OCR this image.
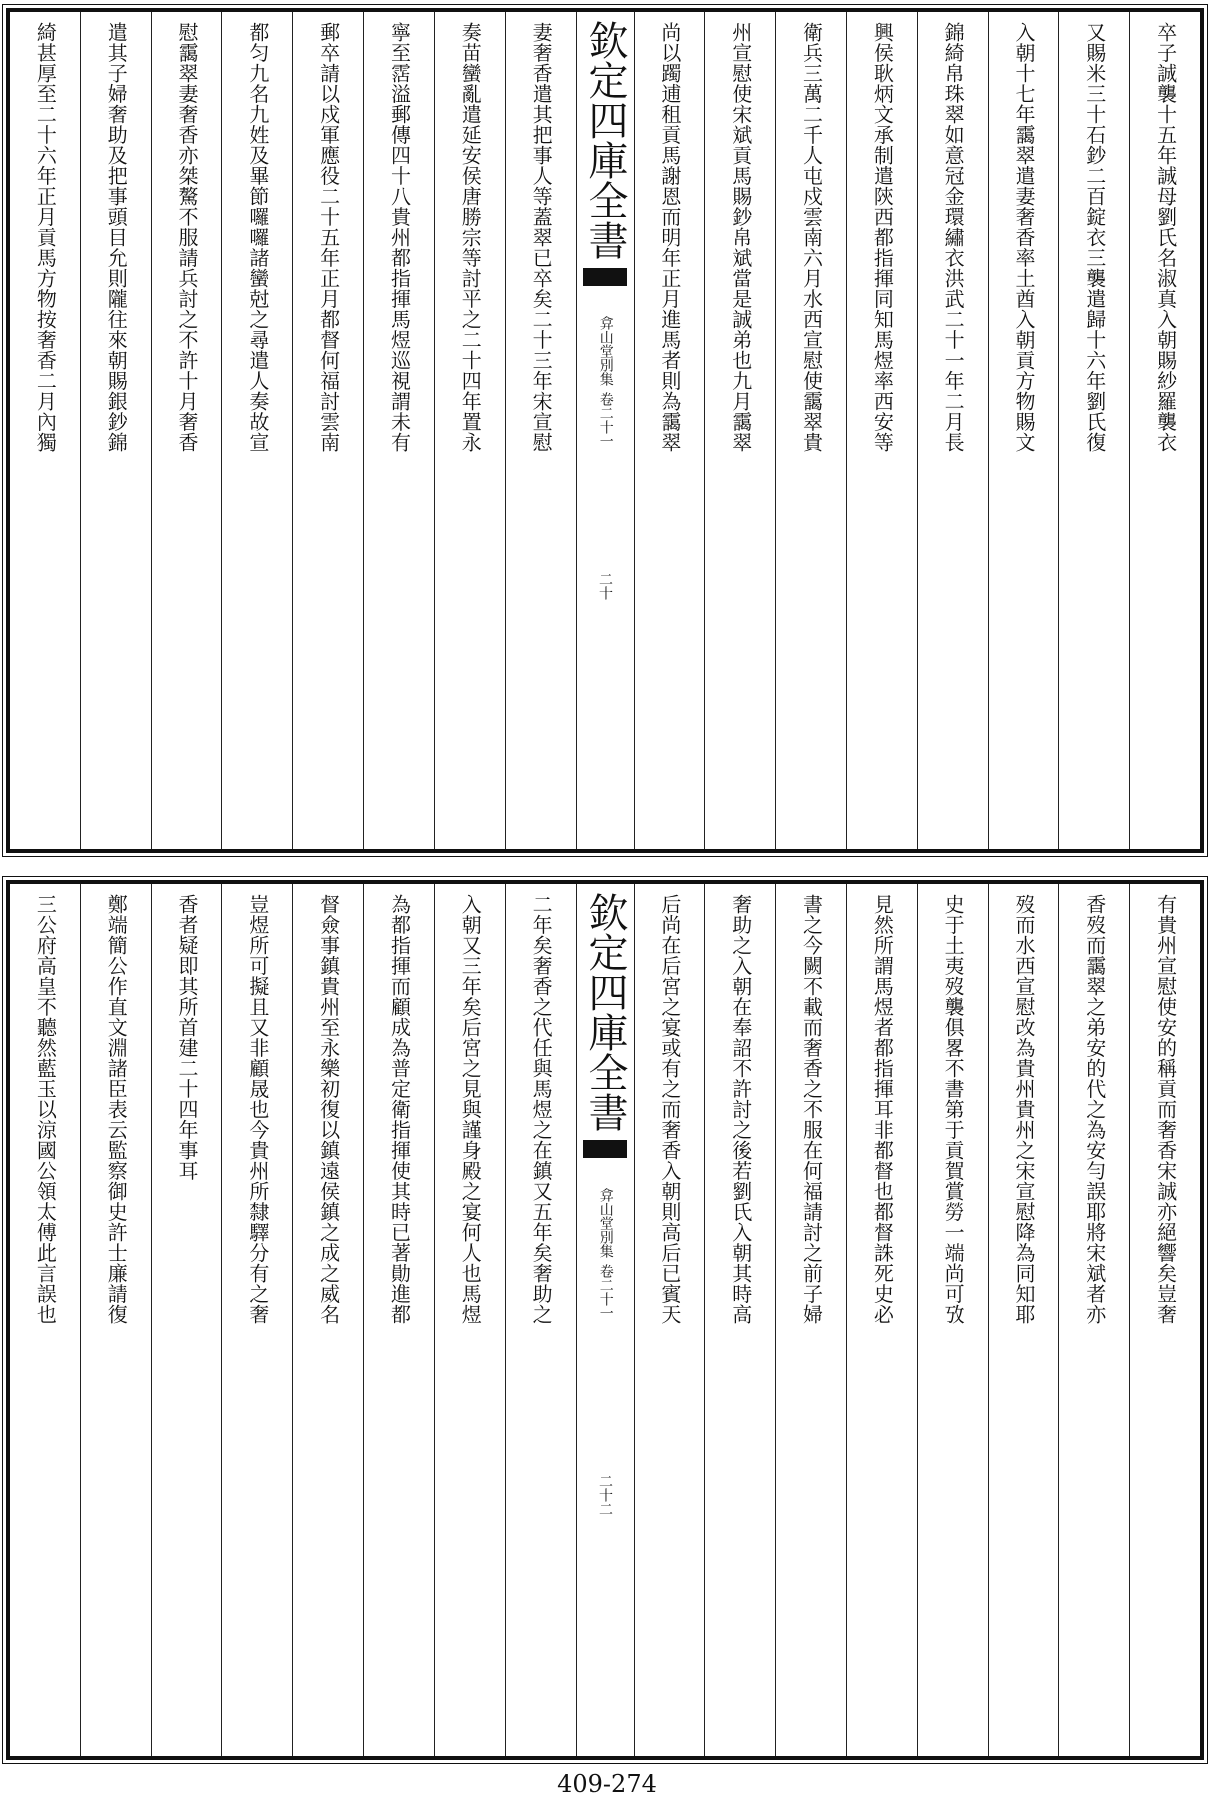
卒子誠襲十五年誠母劉氏名淑真入朝賜紗羅襲衣
又賜米三十石鈔二百錠衣三襲遣歸十六年劉氏復
入朝十七年靄翠遣妻奢香率土酋入朝貢方物賜文
錦綺帛珠翠如意冠金環繡衣洪武二十一年二月長
興侯耿炳文承制遣陝西都指揮同知馬煜率西安等
衛兵三萬二千人屯戍雲南六月水西宣慰使靄翠貴
州宣慰使宋斌貢馬賜鈔帛斌當是誠弟也九月靄翠
尚以躅逋租貢馬謝恩而明年正月進馬者則為靄翠
欽定四庫全書
弇山堂別集
卷二十一
二十
妻奢香遣其把事人等蓋翠已卒矣二十三年宋宣慰
奏苗蠻亂遣延安侯唐勝宗等討平之二十四年置永
寧至霑溢郵傳四十八貴州都指揮馬煜巡視謂未有
郵卒請以戍軍應役二十五年正月都督何福討雲南
都匀九名九姓及畢節囉囉諸蠻尅之尋遣人奏故宣
慰靄翠妻奢香亦桀驁不服請兵討之不許十月奢香
遣其子婦奢助及把事頭目允則隴往來朝賜銀鈔錦
綺甚厚至二十六年正月貢馬方物按奢香二月內獨
有貴州宣慰使安的稱貢而奢香宋誠亦絕響矣豈奢
香歿而靄翠之弟安的代之為安勻誤耶將宋斌者亦
歿而水西宣慰改為貴州貴州之宋宣慰降為同知耶
史于土夷歿襲俱畧不書第于貢賀賞勞一端尚可攷
見然所謂馬煜者都指揮耳非都督也都督誅死史必
書之今闕不載而奢香之不服在何福請討之前子婦
奢助之入朝在奉詔不許討之後若劉氏入朝其時高
后尚在后宮之宴或有之而奢香入朝則高后已賓天
欽定四庫全書
弇山堂別集
卷二十一
二十二
二年矣奢香之代任與馬煜之在鎮又五年矣奢助之
入朝又三年矣后宮之見與謹身殿之宴何人也馬煜
為都指揮而顧成為普定衛指揮使其時已著勛進都
督僉事鎮貴州至永樂初復以鎮遠侯鎮之成之威名
豈煜所可擬且又非顧晟也今貴州所隸驛分有之奢
香者疑即其所首建二十四年事耳
鄭端簡公作直文淵諸臣表云監察御史許士廉請復
三公府高皇不聽然藍玉以涼國公領太傅此言誤也
409-274
